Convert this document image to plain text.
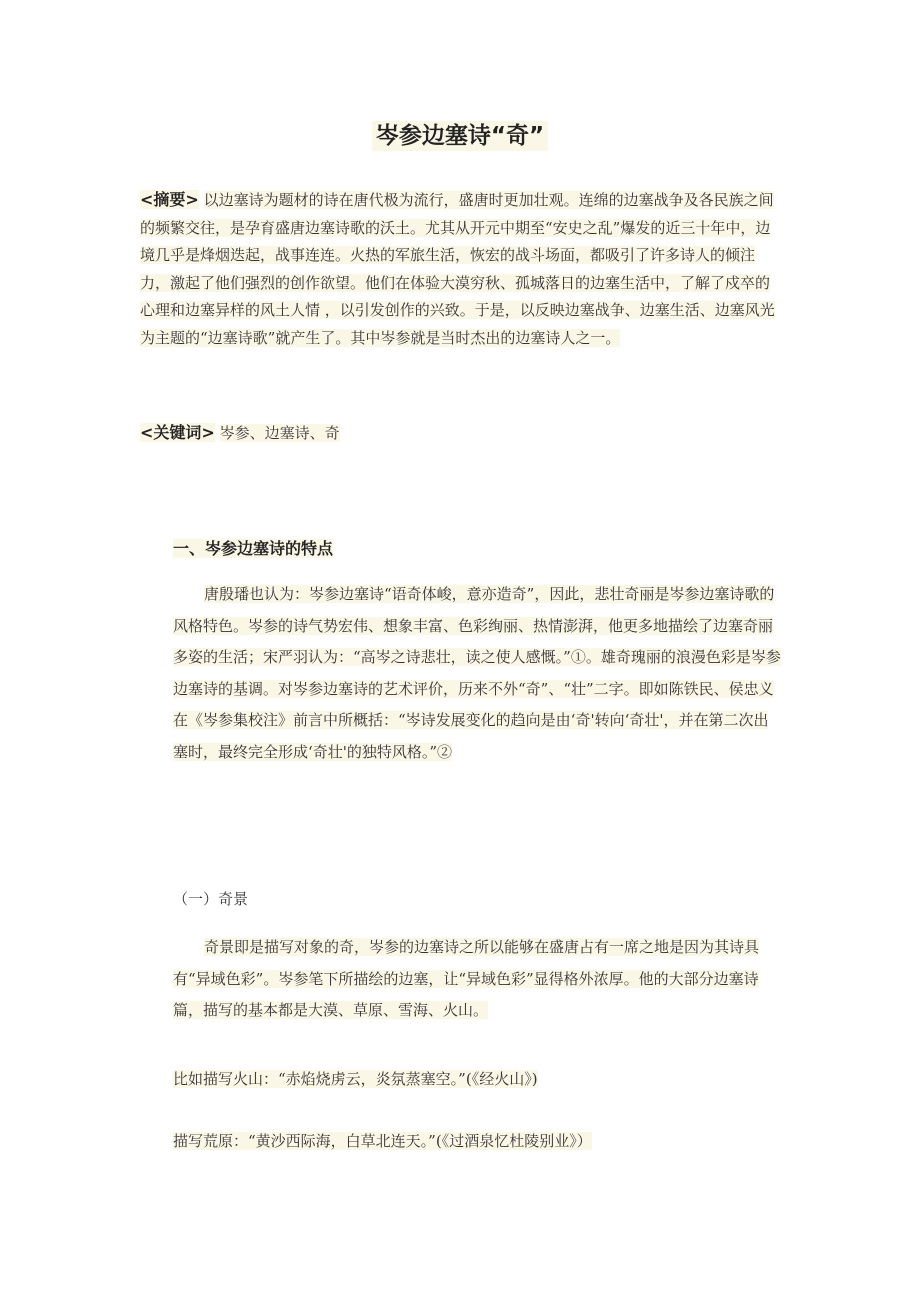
岑参边塞诗“奇”

<摘要> 以边塞诗为题材的诗在唐代极为流行，盛唐时更加壮观。连绵的边塞战争及各民族之间的频繁交往，是孕育盛唐边塞诗歌的沃土。尤其从开元中期至“安史之乱”爆发的近三十年中，边境几乎是烽烟迭起，战事连连。火热的军旅生活，恢宏的战斗场面，都吸引了许多诗人的倾注力，激起了他们强烈的创作欲望。他们在体验大漠穷秋、孤城落日的边塞生活中，了解了戍卒的心理和边塞异样的风土人情 ，以引发创作的兴致。于是，以反映边塞战争、边塞生活、边塞风光为主题的“边塞诗歌”就产生了。其中岑参就是当时杰出的边塞诗人之一。

<关键词> 岑参、边塞诗、奇

一、岑参边塞诗的特点

唐殷璠也认为：岑参边塞诗“语奇体峻，意亦造奇”，因此，悲壮奇丽是岑参边塞诗歌的风格特色。岑参的诗气势宏伟、想象丰富、色彩绚丽、热情澎湃，他更多地描绘了边塞奇丽多姿的生活；宋严羽认为：“高岑之诗悲壮，读之使人感慨。”①。雄奇瑰丽的浪漫色彩是岑参边塞诗的基调。对岑参边塞诗的艺术评价，历来不外“奇”、“壮”二字。即如陈铁民、侯忠义在《岑参集校注》前言中所概括：“岑诗发展变化的趋向是由‘奇'转向‘奇壮'，并在第二次出塞时，最终完全形成‘奇壮'的独特风格。”②

（一）奇景

奇景即是描写对象的奇，岑参的边塞诗之所以能够在盛唐占有一席之地是因为其诗具有“异域色彩”。岑参笔下所描绘的边塞，让“异域色彩”显得格外浓厚。他的大部分边塞诗篇，描写的基本都是大漠、草原、雪海、火山。

比如描写火山：“赤焰烧虏云，炎氛蒸塞空。”(《经火山》)

描写荒原：“黄沙西际海，白草北连天。”(《过酒泉忆杜陵别业》）
